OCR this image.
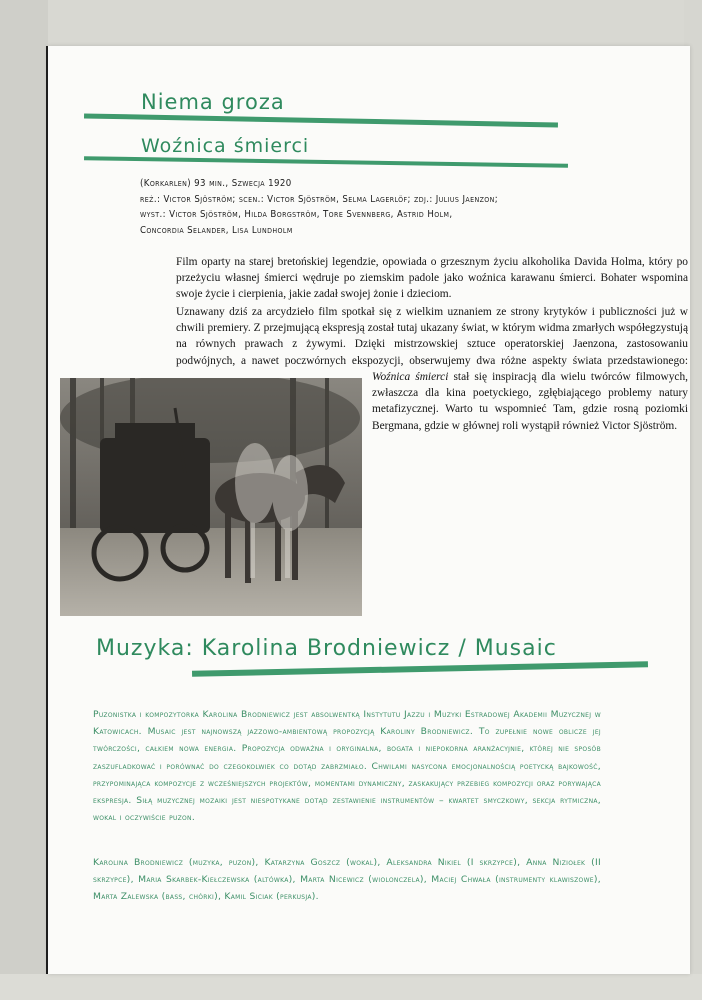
Niema groza
Woźnica śmierci
(Korkarlen) 93 min., Szwecja 1920
reż.: Victor Sjöström; scen.: Victor Sjöström, Selma Lagerlöf; zdj.: Julius Jaenzon;
wyst.: Victor Sjöström, Hilda Borgström, Tore Svennberg, Astrid Holm,
Concordia Selander, Lisa Lundholm

Film oparty na starej bretońskiej legendzie, opowiada o grzesznym życiu alkoholika Davida Holma, który po przeżyciu własnej śmierci wędruje po ziemskim padole jako woźnica karawanu śmierci. Bohater wspomina swoje życie i cierpienia, jakie zadał swojej żonie i dzieciom.

Uznawany dziś za arcydzieło film spotkał się z wielkim uznaniem ze strony krytyków i publiczności już w chwili premiery. Z przejmującą ekspresją został tutaj ukazany świat, w którym widma zmarłych współegzystują na równych prawach z żywymi. Dzięki mistrzowskiej sztuce operatorskiej Jaenzona, zastosowaniu podwójnych, a nawet poczwórnych ekspozycji, obserwujemy dwa różne aspekty świata przedstawionego:

Woźnica śmierci stał się inspiracją dla wielu twórców filmowych, zwłaszcza dla kina poetyckiego, zgłębiającego problemy natury metafizycznej. Warto tu wspomnieć Tam, gdzie rosną poziomki Bergmana, gdzie w głównej roli wystąpił również Victor Sjöström.

Muzyka: Karolina Brodniewicz / Musaic

Puzonistka i kompozytorka Karolina Brodniewicz jest absolwentką Instytutu Jazzu i Muzyki Estradowej Akademii Muzycznej w Katowicach. Musaic jest najnowszą jazzowo-ambientową propozycją Karoliny Brodniewicz. To zupełnie nowe oblicze jej twórczości, całkiem nowa energia. Propozycja odważna i oryginalna, bogata i niepokorna aranżacyjnie, której nie sposób zaszufladkować i porównać do czegokolwiek co dotąd zabrzmiało. Chwilami nasycona emocjonalnością poetycką bajkowość, przypominająca kompozycje z wcześniejszych projektów, momentami dynamiczny, zaskakujący przebieg kompozycji oraz porywająca ekspresja. Siłą muzycznej mozaiki jest niespotykane dotąd zestawienie instrumentów – kwartet smyczkowy, sekcja rytmiczna, wokal i oczywiście puzon.

Karolina Brodniewicz (muzyka, puzon), Katarzyna Goszcz (wokal), Aleksandra Nikiel (I skrzypce), Anna Niziołek (II skrzypce), Maria Skarbek-Kiełczewska (altówka), Marta Nicewicz (wiolonczela), Maciej Chwała (instrumenty klawiszowe), Marta Zalewska (bass, chórki), Kamil Siciak (perkusja).
